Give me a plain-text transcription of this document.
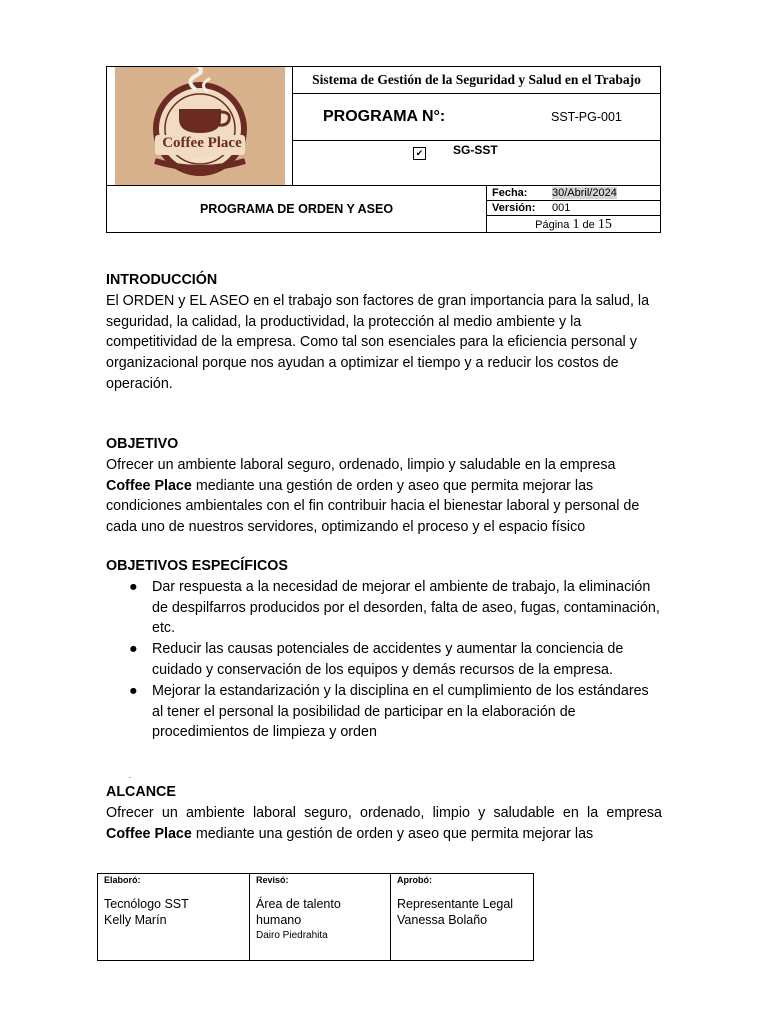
Coffee Place
Est. 2007
Sistema de Gestión de la Seguridad y Salud en el Trabajo
PROGRAMA N°:	SST-PG-001
✔ SG-SST
PROGRAMA DE ORDEN Y ASEO
Fecha: 30/Abril/2024
Versión: 001
Página 1 de 15
INTRODUCCIÓN

El ORDEN y EL ASEO en el trabajo son factores de gran importancia para la salud, la seguridad, la calidad, la productividad, la protección al medio ambiente y la competitividad de la empresa. Como tal son esenciales para la eficiencia personal y organizacional porque nos ayudan a optimizar el tiempo y a reducir los costos de operación.

OBJETIVO

Ofrecer un ambiente laboral seguro, ordenado, limpio y saludable en la empresa Coffee Place mediante una gestión de orden y aseo que permita mejorar las condiciones ambientales con el fin contribuir hacia el bienestar laboral y personal de cada uno de nuestros servidores, optimizando el proceso y el espacio físico

OBJETIVOS ESPECÍFICOS
● Dar respuesta a la necesidad de mejorar el ambiente de trabajo, la eliminación de despilfarros producidos por el desorden, falta de aseo, fugas, contaminación, etc.
● Reducir las causas potenciales de accidentes y aumentar la conciencia de cuidado y conservación de los equipos y demás recursos de la empresa.
● Mejorar la estandarización y la disciplina en el cumplimiento de los estándares al tener el personal la posibilidad de participar en la elaboración de procedimientos de limpieza y orden
.
ALCANCE

Ofrecer un ambiente laboral seguro, ordenado, limpio y saludable en la empresa Coffee Place mediante una gestión de orden y aseo que permita mejorar las

Elaboró:
Tecnólogo SST
Kelly Marín
Revisó:
Área de talento
humano
Dairo Piedrahita
Aprobó:
Representante Legal
Vanessa Bolaño
